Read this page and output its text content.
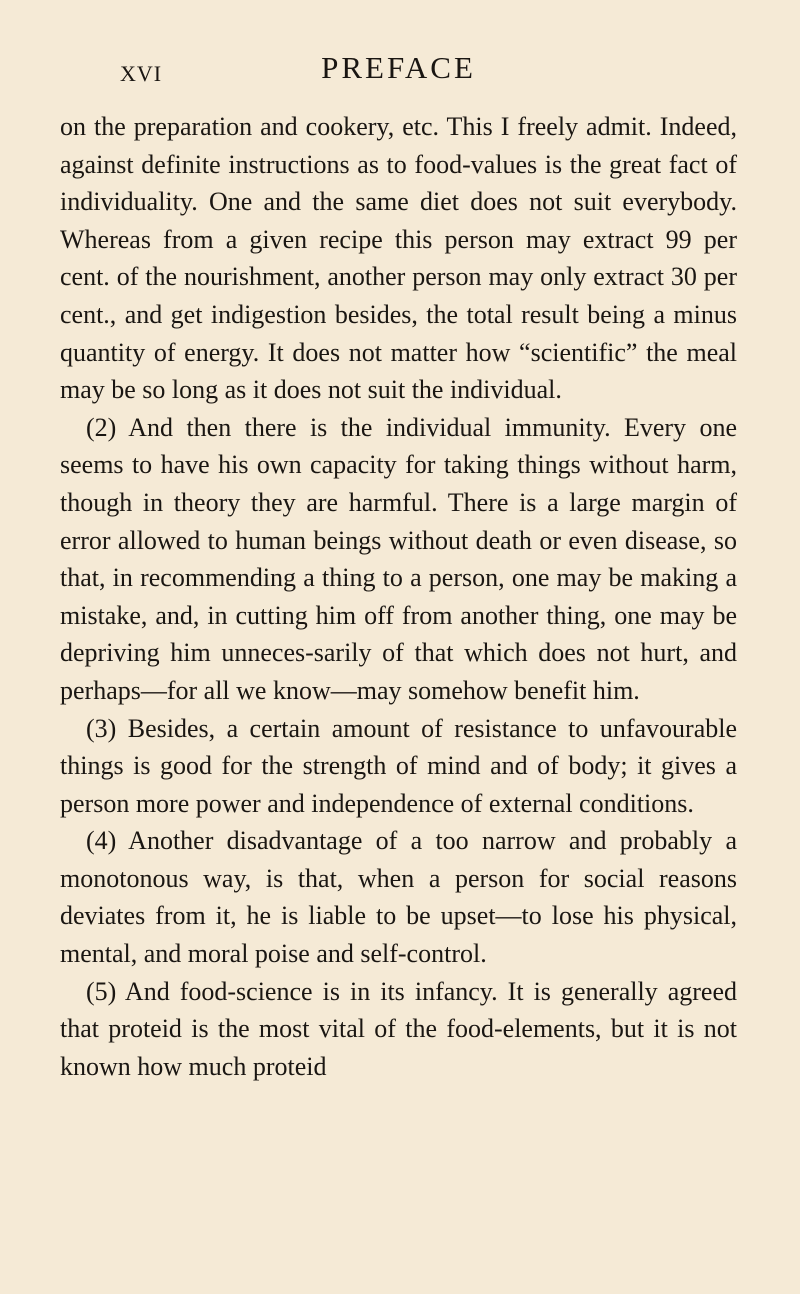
xvi	PREFACE

on the preparation and cookery, etc. This I freely admit. Indeed, against definite instructions as to food-values is the great fact of individuality. One and the same diet does not suit everybody. Whereas from a given recipe this person may extract 99 per cent. of the nourishment, another person may only extract 30 per cent., and get indigestion besides, the total result being a minus quantity of energy. It does not matter how “scientific” the meal may be so long as it does not suit the individual.

(2) And then there is the individual immunity. Every one seems to have his own capacity for taking things without harm, though in theory they are harmful. There is a large margin of error allowed to human beings without death or even disease, so that, in recommending a thing to a person, one may be making a mistake, and, in cutting him off from another thing, one may be depriving him unneces-sarily of that which does not hurt, and perhaps—for all we know—may somehow benefit him.

(3) Besides, a certain amount of resistance to unfavourable things is good for the strength of mind and of body; it gives a person more power and independence of external conditions.

(4) Another disadvantage of a too narrow and probably a monotonous way, is that, when a person for social reasons deviates from it, he is liable to be upset—to lose his physical, mental, and moral poise and self-control.

(5) And food-science is in its infancy. It is generally agreed that proteid is the most vital of the food-elements, but it is not known how much proteid
